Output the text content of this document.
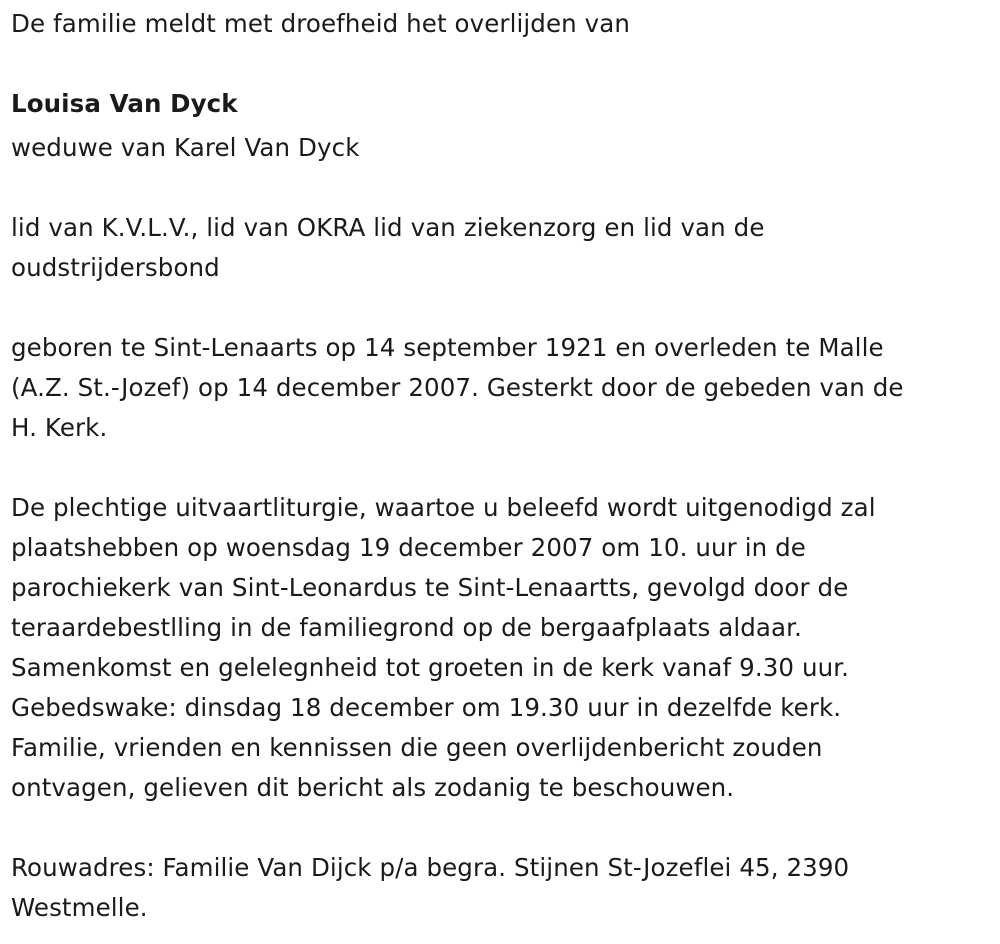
De familie meldt met droefheid het overlijden van
Louisa Van Dyck
weduwe van Karel Van Dyck
lid van K.V.L.V., lid van OKRA lid van ziekenzorg en lid van de
oudstrijdersbond
geboren te Sint-Lenaarts op 14 september 1921 en overleden te Malle
(A.Z. St.-Jozef) op 14 december 2007. Gesterkt door de gebeden van de
H. Kerk.
De plechtige uitvaartliturgie, waartoe u beleefd wordt uitgenodigd zal
plaatshebben op woensdag 19 december 2007 om 10. uur in de
parochiekerk van Sint-Leonardus te Sint-Lenaartts, gevolgd door de
teraardebestlling in de familiegrond op de bergaafplaats aldaar.
Samenkomst en gelelegnheid tot groeten in de kerk vanaf 9.30 uur.
Gebedswake: dinsdag 18 december om 19.30 uur in dezelfde kerk.
Familie, vrienden en kennissen die geen overlijdenbericht zouden
ontvagen, gelieven dit bericht als zodanig te beschouwen.
Rouwadres: Familie Van Dijck p/a begra. Stijnen St-Jozeflei 45, 2390
Westmelle.
